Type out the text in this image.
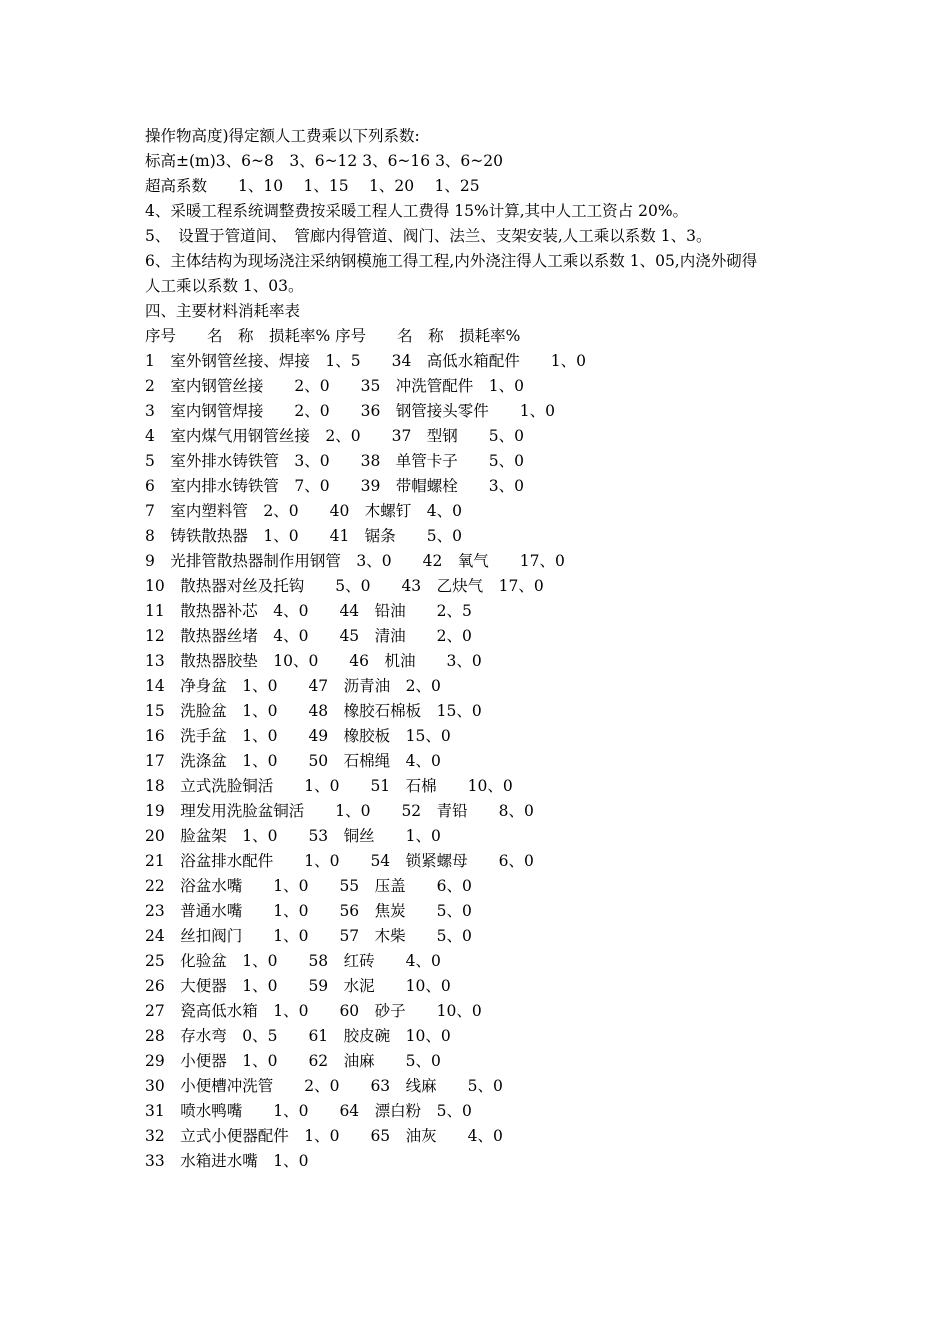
操作物高度)得定额人工费乘以下列系数:
标高±(m)3、6~8　3、6~12 3、6~16 3、6~20
超高系数　　1、10　 1、15　 1、20　 1、25
4、采暖工程系统调整费按采暖工程人工费得 15%计算,其中人工工资占 20%。
5、　设置于管道间、　管廊内得管道、阀门、法兰、支架安装,人工乘以系数 1、3。
6、主体结构为现场浇注采纳钢模施工得工程,内外浇注得人工乘以系数 1、05,内浇外砌得
人工乘以系数 1、03。
四、主要材料消耗率表
序号　　名　称　损耗率% 序号　　名　称　损耗率%
1　室外钢管丝接、焊接　1、5　　34　高低水箱配件　　1、0
2　室内钢管丝接　　2、0　　35　冲洗管配件　1、0
3　室内钢管焊接　　2、0　　36　钢管接头零件　　1、0
4　室内煤气用钢管丝接　2、0　　37　型钢　　5、0
5　室外排水铸铁管　3、0　　38　单管卡子　　5、0
6　室内排水铸铁管　7、0　　39　带帽螺栓　　3、0
7　室内塑料管　2、0　　40　木螺钉　4、0
8　铸铁散热器　1、0　　41　锯条　　5、0
9　光排管散热器制作用钢管　3、0　　42　氧气　　17、0
10　散热器对丝及托钩　　5、0　　43　乙炔气　17、0
11　散热器补芯　4、0　　44　铅油　　2、5
12　散热器丝堵　4、0　　45　清油　　2、0
13　散热器胶垫　10、0　　46　机油　　3、0
14　净身盆　1、0　　47　沥青油　2、0
15　洗脸盆　1、0　　48　橡胶石棉板　15、0
16　洗手盆　1、0　　49　橡胶板　15、0
17　洗涤盆　1、0　　50　石棉绳　4、0
18　立式洗脸铜活　　1、0　　51　石棉　　10、0
19　理发用洗脸盆铜活　　1、0　　52　青铅　　8、0
20　脸盆架　1、0　　53　铜丝　　1、0
21　浴盆排水配件　　1、0　　54　锁紧螺母　　6、0
22　浴盆水嘴　　1、0　　55　压盖　　6、0
23　普通水嘴　　1、0　　56　焦炭　　5、0
24　丝扣阀门　　1、0　　57　木柴　　5、0
25　化验盆　1、0　　58　红砖　　4、0
26　大便器　1、0　　59　水泥　　10、0
27　瓷高低水箱　1、0　　60　砂子　　10、0
28　存水弯　0、5　　61　胶皮碗　10、0
29　小便器　1、0　　62　油麻　　5、0
30　小便槽冲洗管　　2、0　　63　线麻　　5、0
31　喷水鸭嘴　　1、0　　64　漂白粉　5、0
32　立式小便器配件　1、0　　65　油灰　　4、0
33　水箱进水嘴　1、0
